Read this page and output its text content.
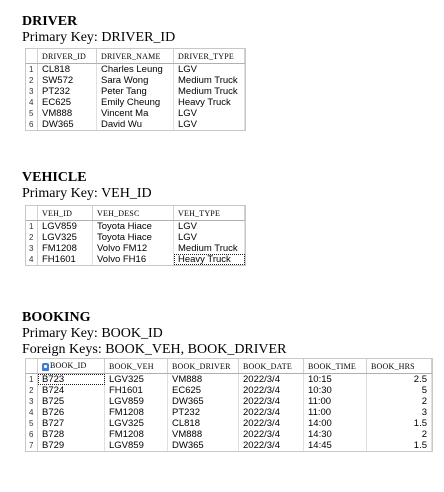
DRIVER

Primary Key: DRIVER_ID

	DRIVER_ID	DRIVER_NAME	DRIVER_TYPE
1	CL818	Charles Leung	LGV
2	SW572	Sara Wong	Medium Truck
3	PT232	Peter Tang	Medium Truck
4	EC625	Emily Cheung	Heavy Truck
5	VM888	Vincent Ma	LGV
6	DW365	David Wu	LGV

VEHICLE

Primary Key: VEH_ID

	VEH_ID	VEH_DESC	VEH_TYPE
1	LGV859	Toyota Hiace	LGV
2	LGV325	Toyota Hiace	LGV
3	FM1208	Volvo FM12	Medium Truck
4	FH1601	Volvo FH16	Heavy Truck

BOOKING

Primary Key: BOOK_ID

Foreign Keys: BOOK_VEH, BOOK_DRIVER

	BOOK_ID	BOOK_VEH	BOOK_DRIVER	BOOK_DATE	BOOK_TIME	BOOK_HRS
1	B723	LGV325	VM888	2022/3/4	10:15	2.5
2	B724	FH1601	EC625	2022/3/4	10:30	5
3	B725	LGV859	DW365	2022/3/4	11:00	2
4	B726	FM1208	PT232	2022/3/4	11:00	3
5	B727	LGV325	CL818	2022/3/4	14:00	1.5
6	B728	FM1208	VM888	2022/3/4	14:30	2
7	B729	LGV859	DW365	2022/3/4	14:45	1.5
